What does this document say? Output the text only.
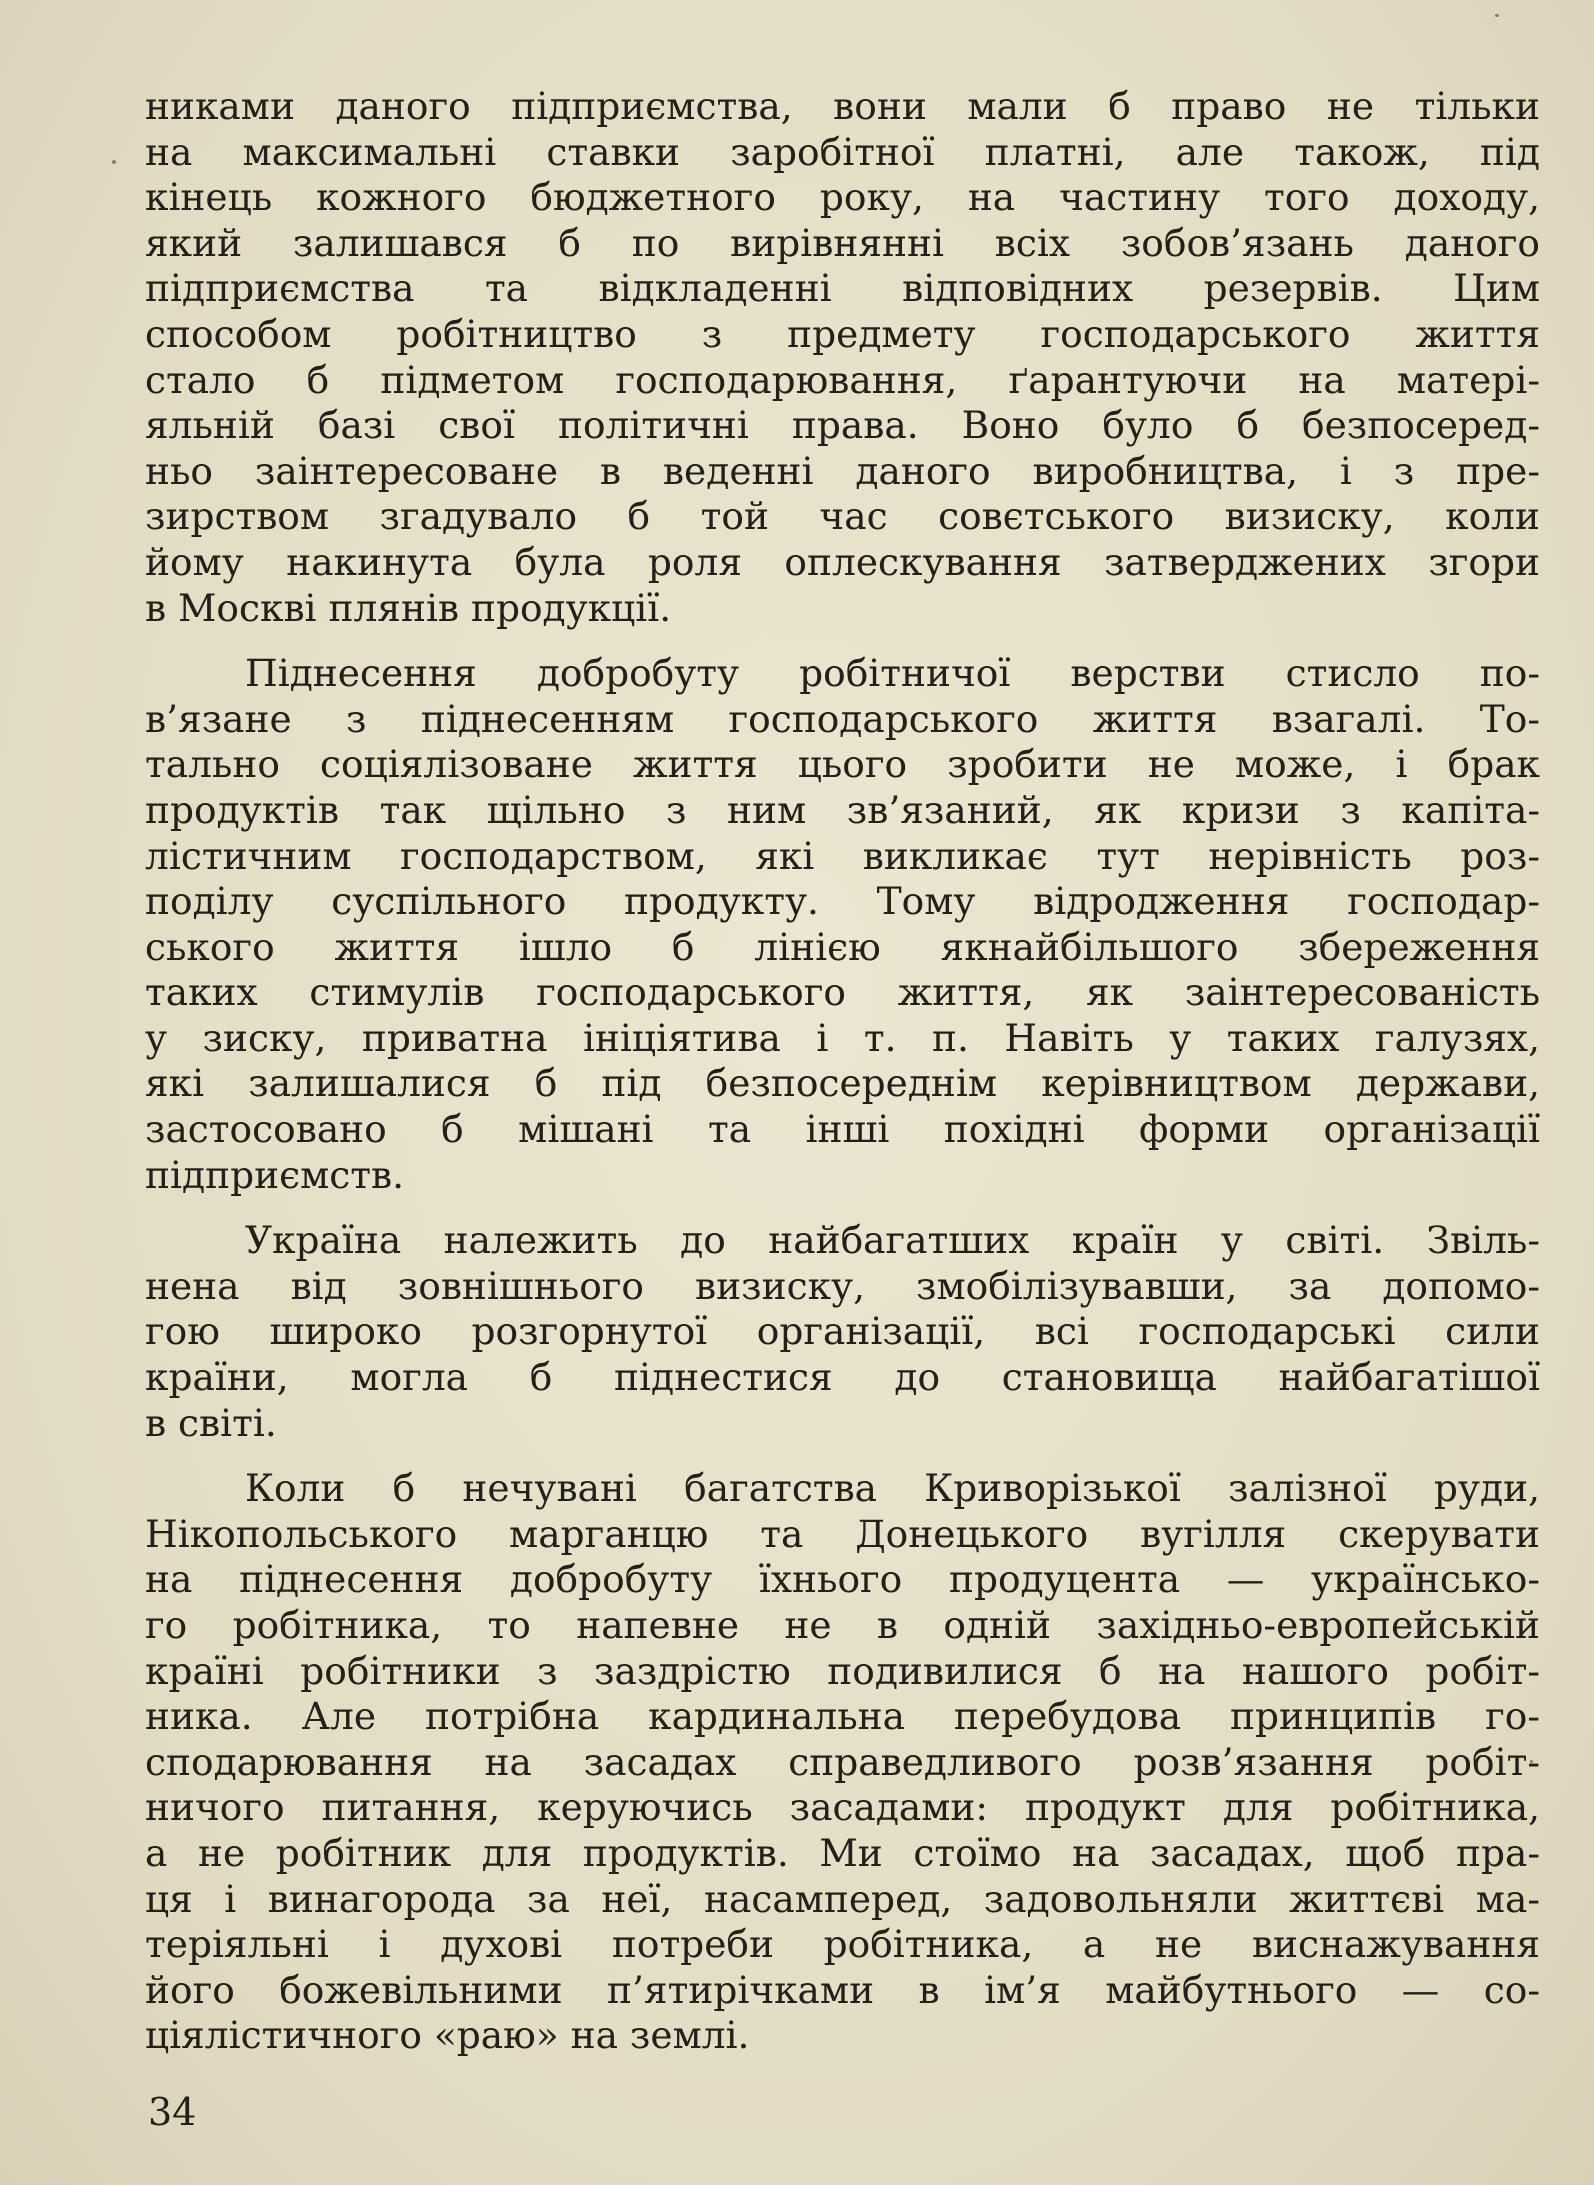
никами даного підприємства, вони мали б право не тільки
на максимальні ставки заробітної платні, але також, під
кінець кожного бюджетного року, на частину того доходу,
який залишався б по вирівнянні всіх зобов’язань даного
підприємства та відкладенні відповідних резервів. Цим
способом робітництво з предмету господарського життя
стало б підметом господарювання, ґарантуючи на матері-
яльній базі свої політичні права. Воно було б безпосеред-
ньо заінтересоване в веденні даного виробництва, і з пре-
зирством згадувало б той час совєтського визиску, коли
йому накинута була роля оплескування затверджених згори
в Москві плянів продукції.
Піднесення добробуту робітничої верстви стисло по-
в’язане з піднесенням господарського життя взагалі. То-
тально соціялізоване життя цього зробити не може, і брак
продуктів так щільно з ним зв’язаний, як кризи з капіта-
лістичним господарством, які викликає тут нерівність роз-
поділу суспільного продукту. Тому відродження господар-
ського життя ішло б лінією якнайбільшого збереження
таких стимулів господарського життя, як заінтересованість
у зиску, приватна ініціятива і т. п. Навіть у таких галузях,
які залишалися б під безпосереднім керівництвом держави,
застосовано б мішані та інші похідні форми організації
підприємств.
Україна належить до найбагатших країн у світі. Звіль-
нена від зовнішнього визиску, змобілізувавши, за допомо-
гою широко розгорнутої організації, всі господарські сили
країни, могла б піднестися до становища найбагатішої
в світі.
Коли б нечувані багатства Криворізької залізної руди,
Нікопольського марганцю та Донецького вугілля скерувати
на піднесення добробуту їхнього продуцента — українсько-
го робітника, то напевне не в одній західньо-европейській
країні робітники з заздрістю подивилися б на нашого робіт-
ника. Але потрібна кардинальна перебудова принципів го-
сподарювання на засадах справедливого розв’язання робіт-
ничого питання, керуючись засадами: продукт для робітника,
а не робітник для продуктів. Ми стоїмо на засадах, щоб пра-
ця і винагорода за неї, насамперед, задовольняли життєві ма-
теріяльні і духові потреби робітника, а не виснажування
його божевільними п’ятирічками в ім’я майбутнього — со-
ціялістичного «раю» на землі.
34
